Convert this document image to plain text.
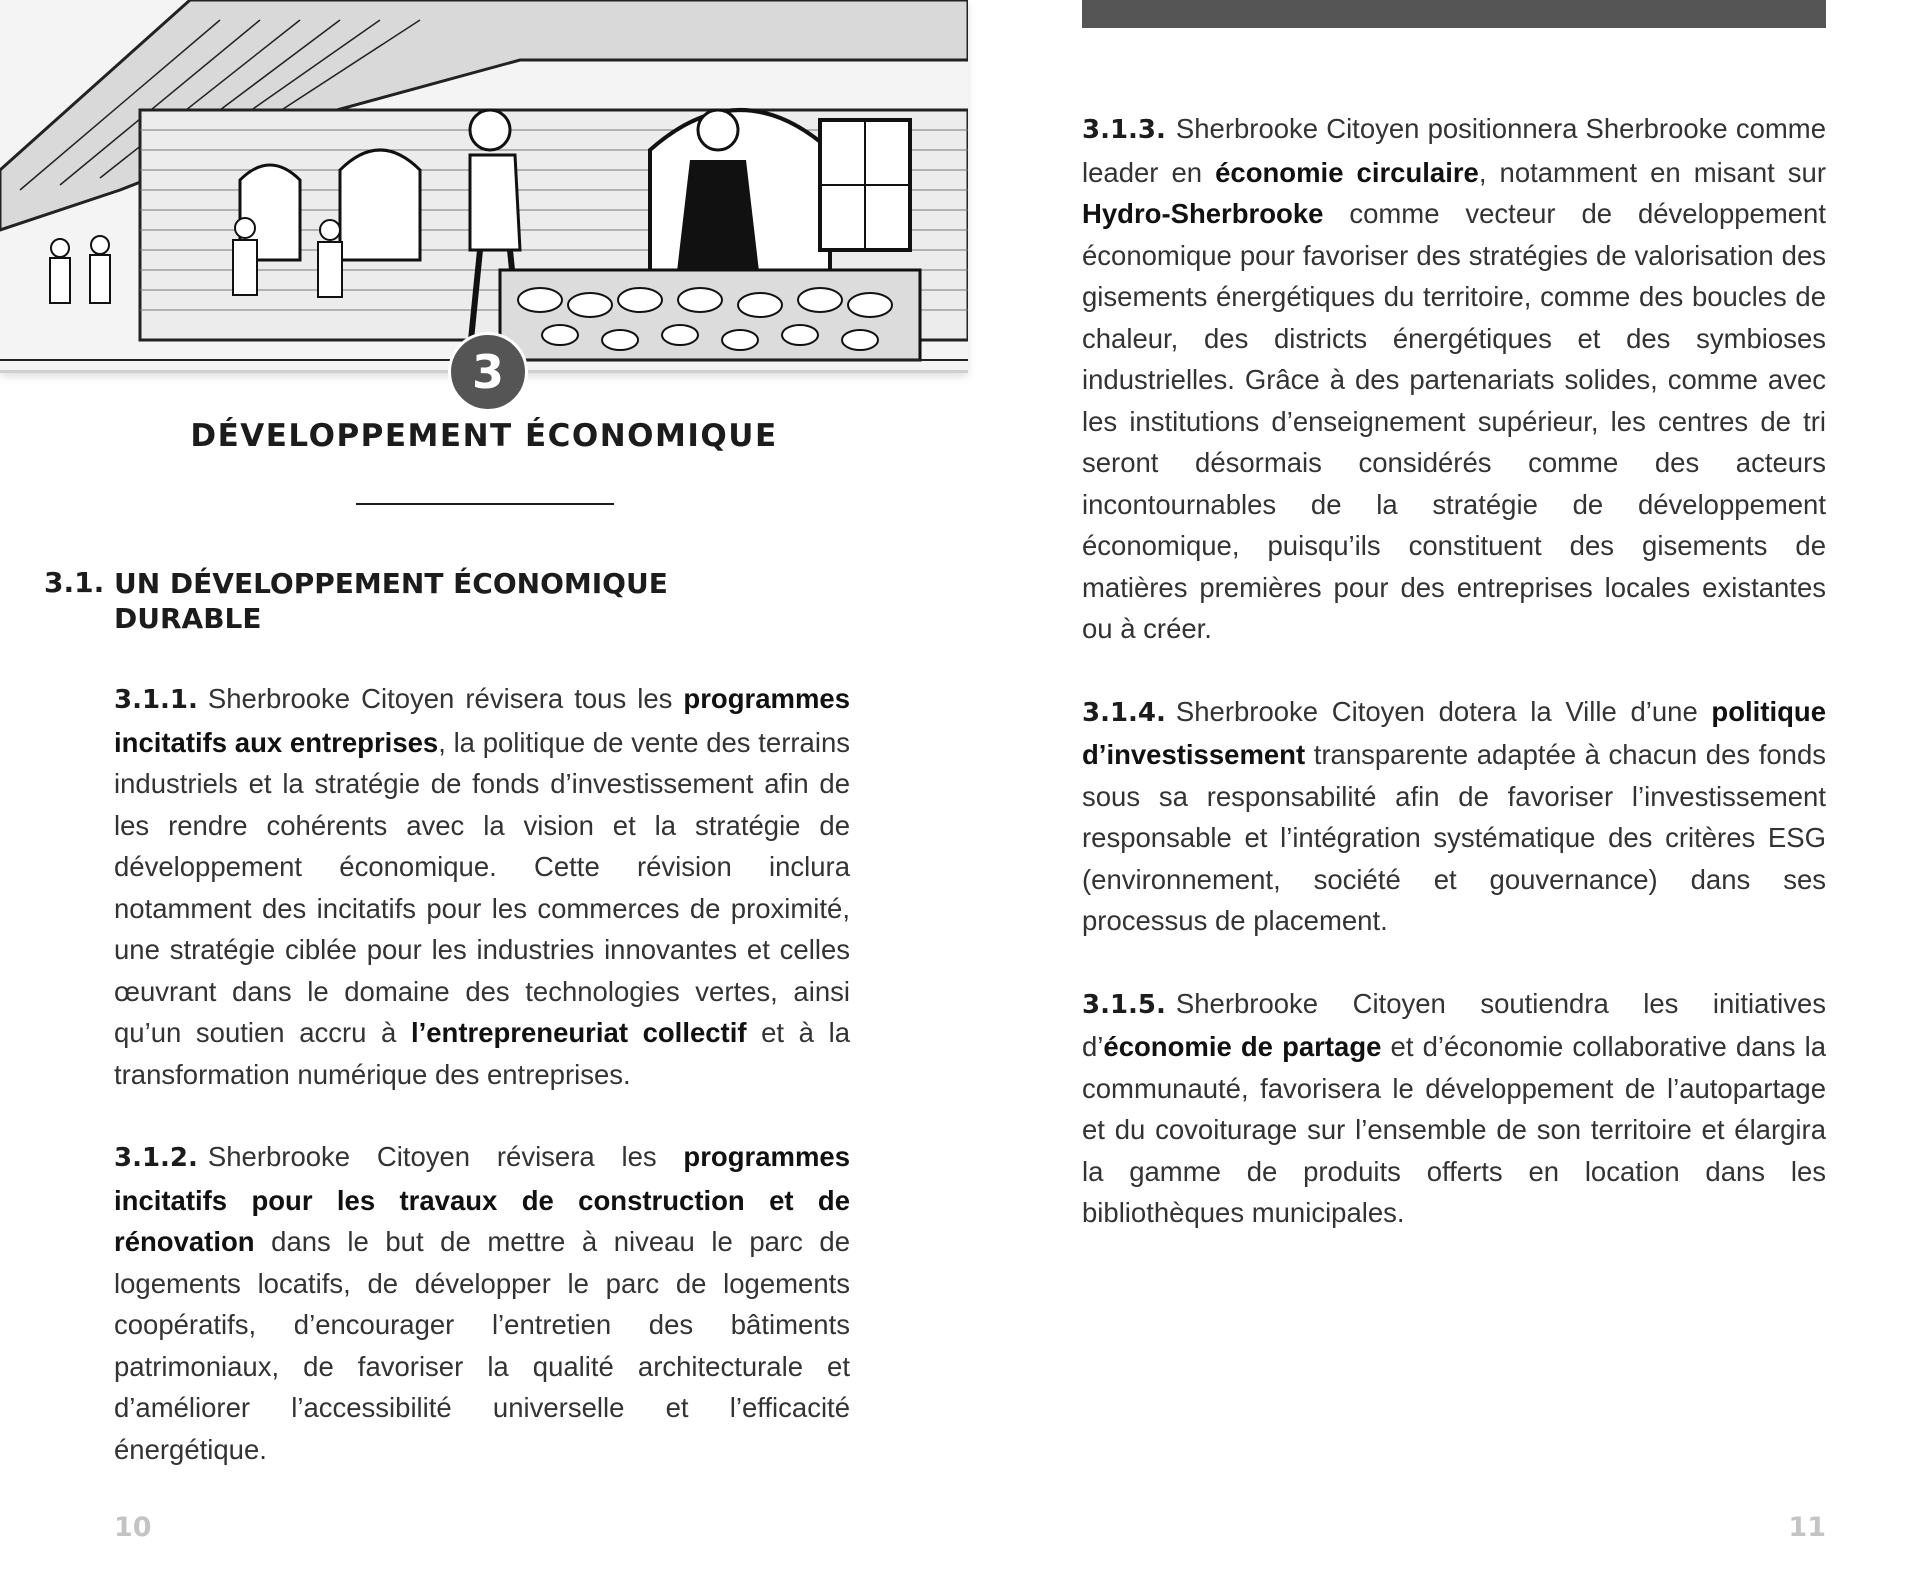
3
DÉVELOPPEMENT ÉCONOMIQUE
3.1. UN DÉVELOPPEMENT ÉCONOMIQUE DURABLE

3.1.1. Sherbrooke Citoyen révisera tous les programmes incitatifs aux entreprises, la politique de vente des terrains industriels et la stratégie de fonds d’investissement afin de les rendre cohérents avec la vision et la stratégie de développement économique. Cette révision inclura notamment des incitatifs pour les commerces de proximité, une stratégie ciblée pour les industries innovantes et celles œuvrant dans le domaine des technologies vertes, ainsi qu’un soutien accru à l’entrepreneuriat collectif et à la transformation numérique des entreprises.

3.1.2. Sherbrooke Citoyen révisera les programmes incitatifs pour les travaux de construction et de rénovation dans le but de mettre à niveau le parc de logements locatifs, de développer le parc de logements coopératifs, d’encourager l’entretien des bâtiments patrimoniaux, de favoriser la qualité architecturale et d’améliorer l’accessibilité universelle et l’efficacité énergétique.

3.1.3. Sherbrooke Citoyen positionnera Sherbrooke comme leader en économie circulaire, notamment en misant sur Hydro-Sherbrooke comme vecteur de développement économique pour favoriser des stratégies de valorisation des gisements énergétiques du territoire, comme des boucles de chaleur, des districts énergétiques et des symbioses industrielles. Grâce à des partenariats solides, comme avec les institutions d’enseignement supérieur, les centres de tri seront désormais considérés comme des acteurs incontournables de la stratégie de développement économique, puisqu’ils constituent des gisements de matières premières pour des entreprises locales existantes ou à créer.

3.1.4. Sherbrooke Citoyen dotera la Ville d’une politique d’investissement transparente adaptée à chacun des fonds sous sa responsabilité afin de favoriser l’investissement responsable et l’intégration systématique des critères ESG (environnement, société et gouvernance) dans ses processus de placement.

3.1.5. Sherbrooke Citoyen soutiendra les initiatives d’économie de partage et d’économie collaborative dans la communauté, favorisera le développement de l’autopartage et du covoiturage sur l’ensemble de son territoire et élargira la gamme de produits offerts en location dans les bibliothèques municipales.

10	11
